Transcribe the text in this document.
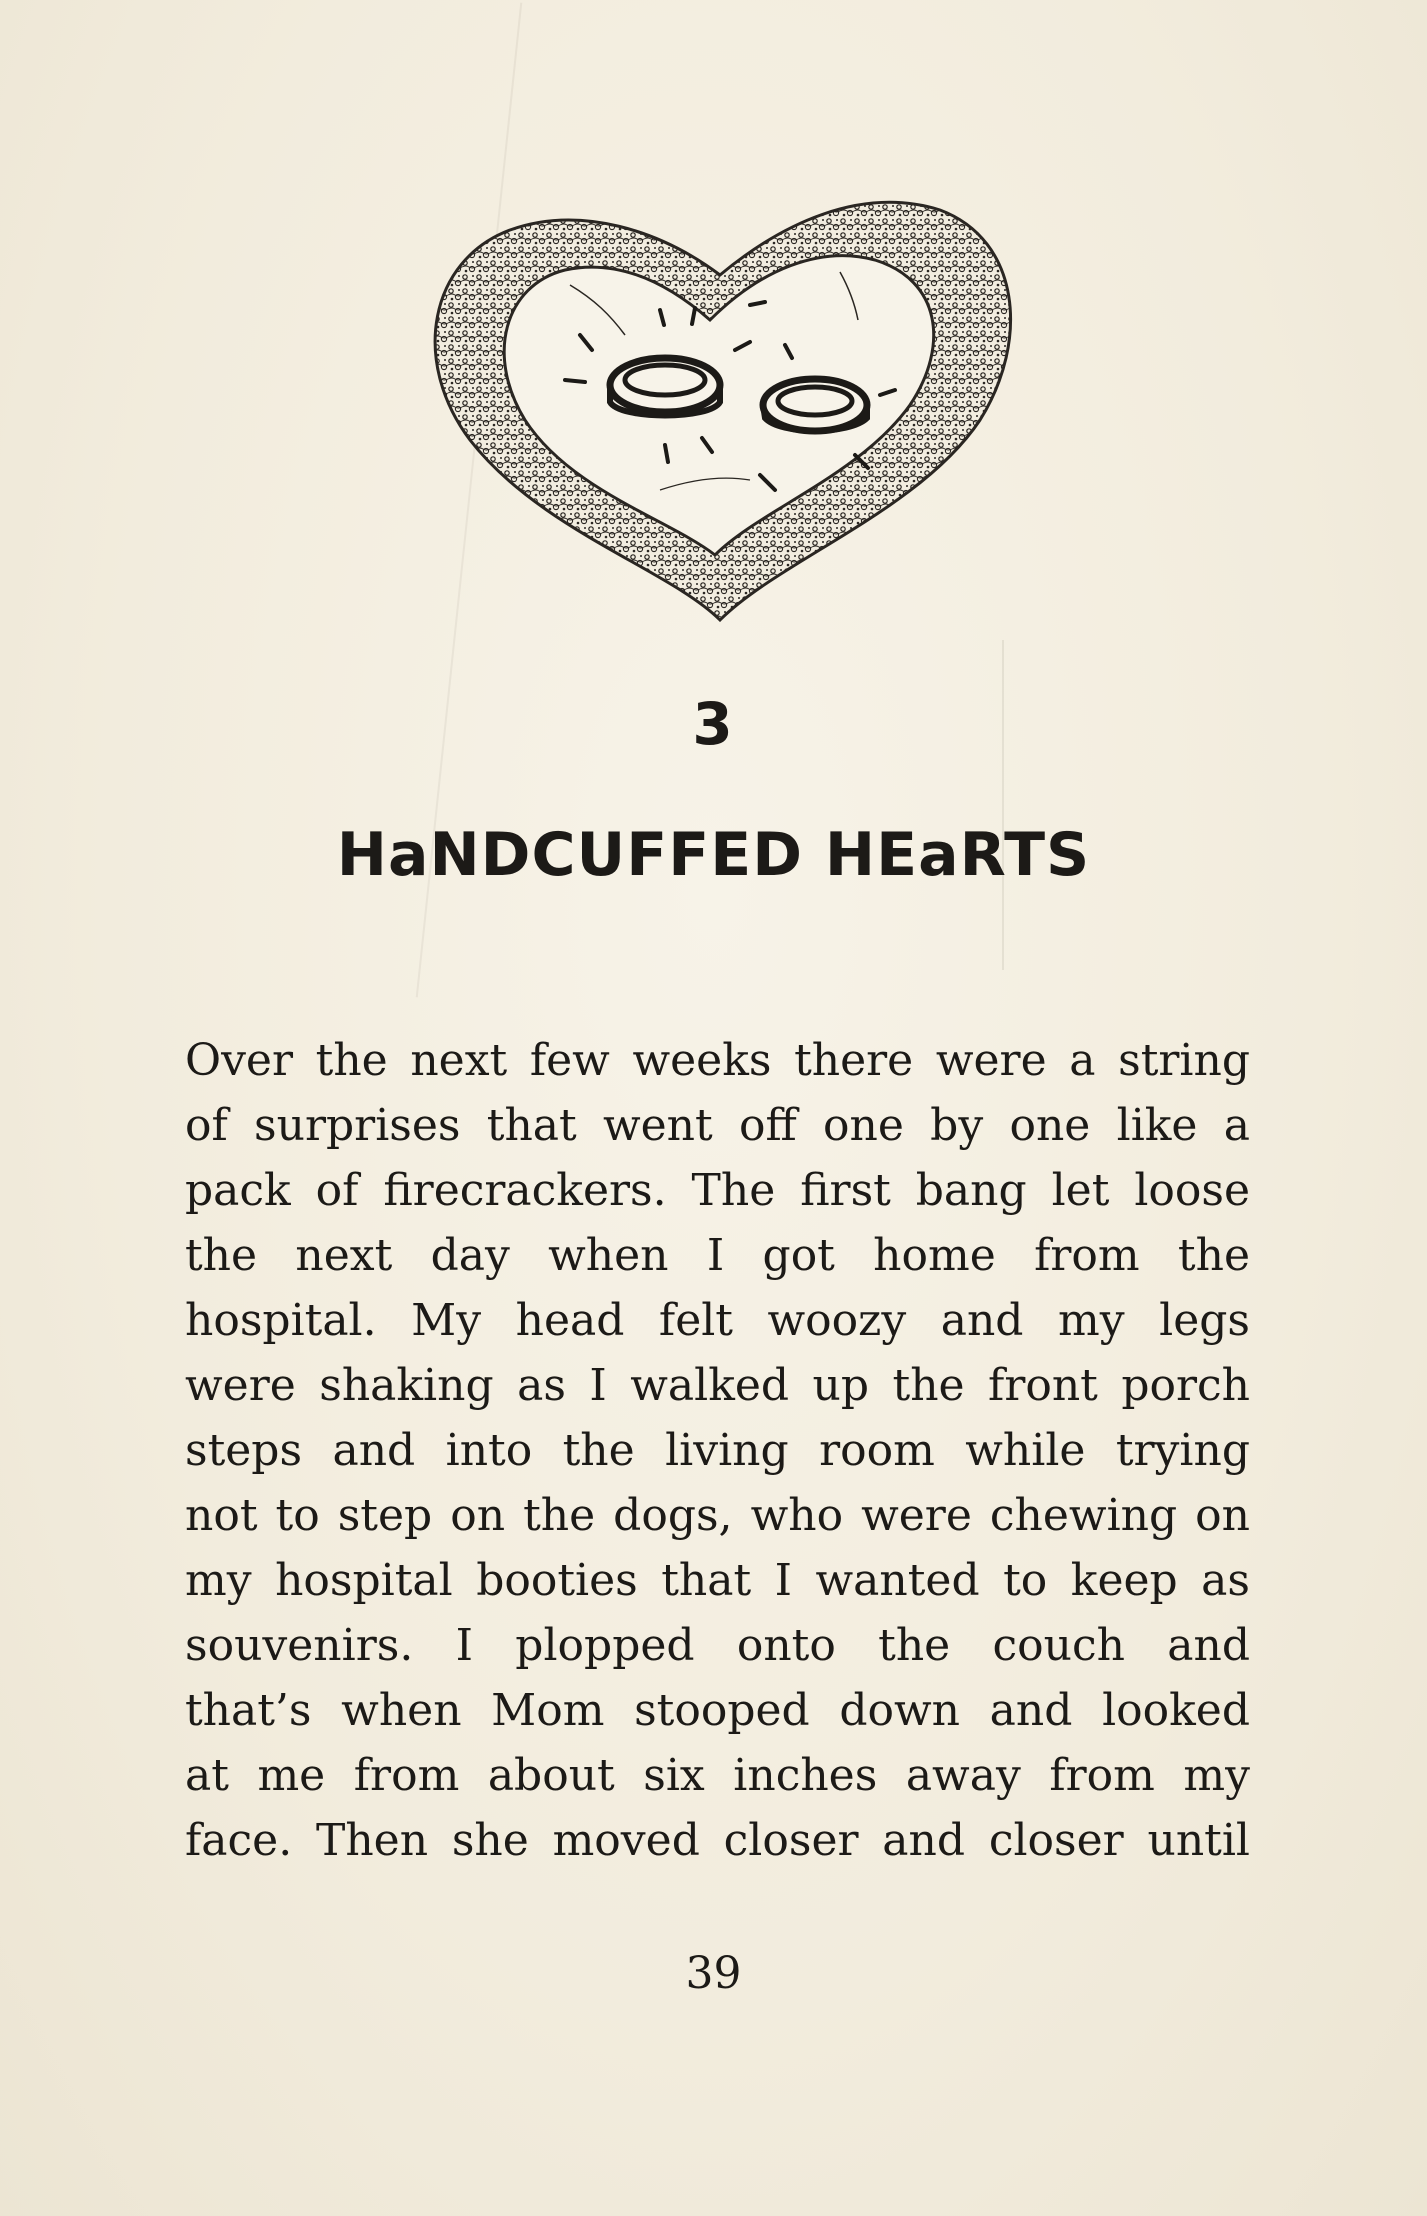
3
HaNDCUFFED HEaRTS
Over the next few weeks there were a string
of surprises that went off one by one like a
pack of firecrackers. The first bang let loose
the next day when I got home from the
hospital. My head felt woozy and my legs
were shaking as I walked up the front porch
steps and into the living room while trying
not to step on the dogs, who were chewing on
my hospital booties that I wanted to keep as
souvenirs. I plopped onto the couch and
that’s when Mom stooped down and looked
at me from about six inches away from my
face. Then she moved closer and closer until
39
